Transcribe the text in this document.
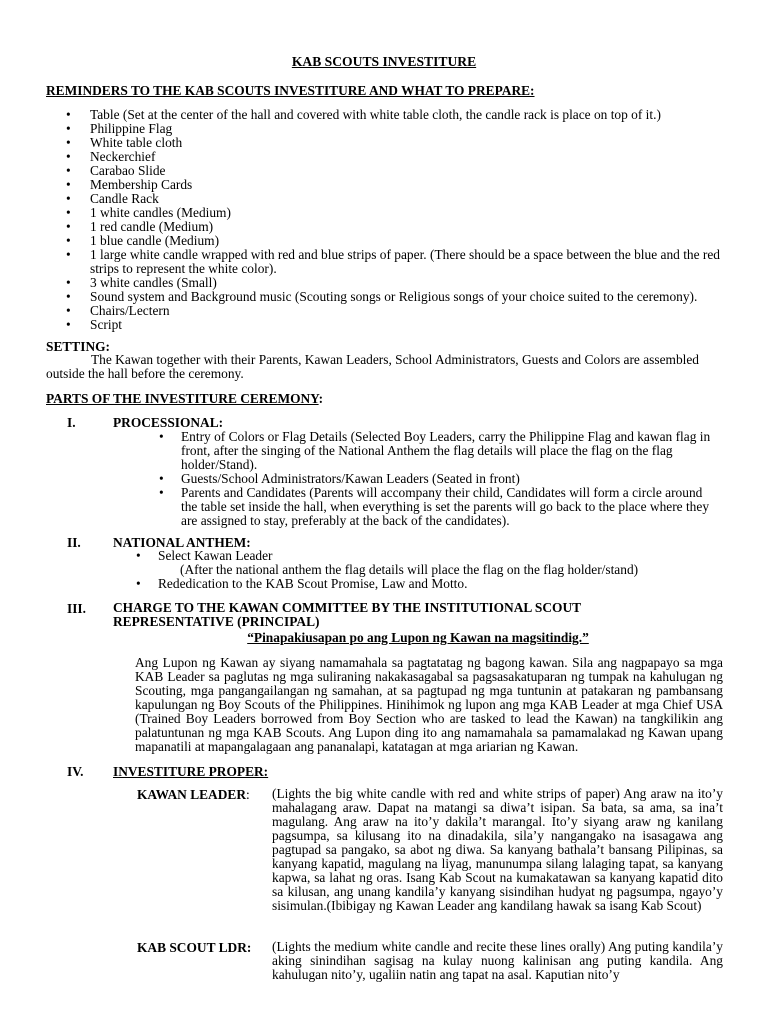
KAB SCOUTS INVESTITURE
REMINDERS TO THE KAB SCOUTS INVESTITURE AND WHAT TO PREPARE:
• Table (Set at the center of the hall and covered with white table cloth, the candle rack is place on top of it.)
• Philippine Flag
• White table cloth
• Neckerchief
• Carabao Slide
• Membership Cards
• Candle Rack
• 1 white candles (Medium)
• 1 red candle (Medium)
• 1 blue candle (Medium)
• 1 large white candle wrapped with red and blue strips of paper. (There should be a space between the blue and the red strips to represent the white color).
• 3 white candles (Small)
• Sound system and Background music (Scouting songs or Religious songs of your choice suited to the ceremony).
• Chairs/Lectern
• Script
SETTING:
The Kawan together with their Parents, Kawan Leaders, School Administrators, Guests and Colors are assembled outside the hall before the ceremony.
PARTS OF THE INVESTITURE CEREMONY:
I.	PROCESSIONAL:
• Entry of Colors or Flag Details (Selected Boy Leaders, carry the Philippine Flag and kawan flag in front, after the singing of the National Anthem the flag details will place the flag on the flag holder/Stand).
• Guests/School Administrators/Kawan Leaders (Seated in front)
• Parents and Candidates (Parents will accompany their child, Candidates will form a circle around the table set inside the hall, when everything is set the parents will go back to the place where they are assigned to stay, preferably at the back of the candidates).
II. NATIONAL ANTHEM:
• Select Kawan Leader
(After the national anthem the flag details will place the flag on the flag holder/stand)
• Rededication to the KAB Scout Promise, Law and Motto.
III. CHARGE TO THE KAWAN COMMITTEE BY THE INSTITUTIONAL SCOUT REPRESENTATIVE (PRINCIPAL)
“Pinapakiusapan po ang Lupon ng Kawan na magsitindig.”
Ang Lupon ng Kawan ay siyang namamahala sa pagtatatag ng bagong kawan. Sila ang nagpapayo sa mga KAB Leader sa paglutas ng mga suliraning nakakasagabal sa pagsasakatuparan ng tumpak na kahulugan ng Scouting, mga pangangailangan ng samahan, at sa pagtupad ng mga tuntunin at patakaran ng pambansang kapulungan ng Boy Scouts of the Philippines. Hinihimok ng lupon ang mga KAB Leader at mga Chief USA (Trained Boy Leaders borrowed from Boy Section who are tasked to lead the Kawan) na tangkilikin ang palatuntunan ng mga KAB Scouts. Ang Lupon ding ito ang namamahala sa pamamalakad ng Kawan upang mapanatili at mapangalagaan ang pananalapi, katatagan at mga ariarian ng Kawan.
IV. INVESTITURE PROPER:
KAWAN LEADER: (Lights the big white candle with red and white strips of paper) Ang araw na ito’y mahalagang araw. Dapat na matangi sa diwa’t isipan. Sa bata, sa ama, sa ina’t magulang. Ang araw na ito’y dakila’t marangal. Ito’y siyang araw ng kanilang pagsumpa, sa kilusang ito na dinadakila, sila’y nangangako na isasagawa ang pagtupad sa pangako, sa abot ng diwa. Sa kanyang bathala’t bansang Pilipinas, sa kanyang kapatid, magulang na liyag, manunumpa silang lalaging tapat, sa kanyang kapwa, sa lahat ng oras. Isang Kab Scout na kumakatawan sa kanyang kapatid dito sa kilusan, ang unang kandila’y kanyang sisindihan hudyat ng pagsumpa, ngayo’y sisimulan.(Ibibigay ng Kawan Leader ang kandilang hawak sa isang Kab Scout)
KAB SCOUT LDR: (Lights the medium white candle and recite these lines orally) Ang puting kandila’y aking sinindihan sagisag na kulay nuong kalinisan ang puting kandila. Ang kahulugan nito’y, ugaliin natin ang tapat na asal. Kaputian nito’y
